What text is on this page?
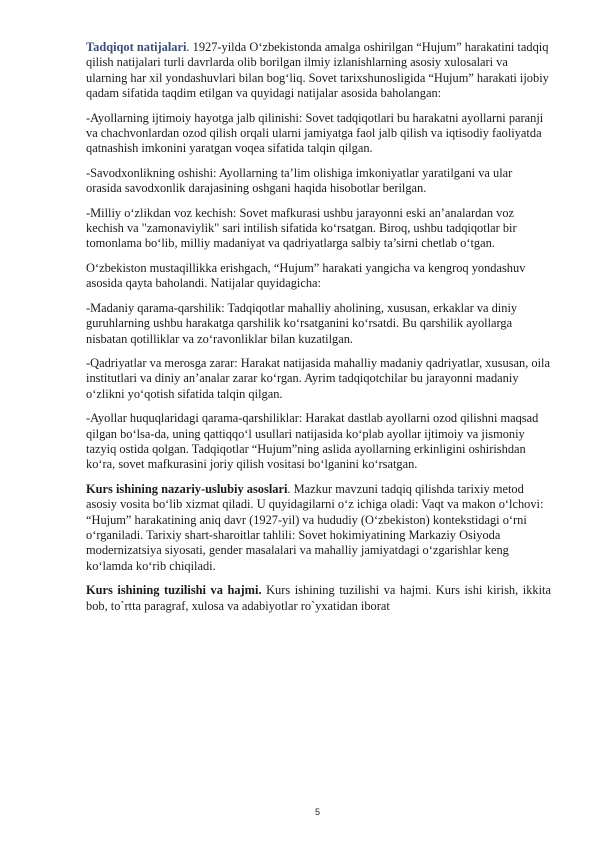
Tadqiqot natijalari. 1927-yilda O‘zbekistonda amalga oshirilgan “Hujum” harakatini tadqiq qilish natijalari turli davrlarda olib borilgan ilmiy izlanishlarning asosiy xulosalari va ularning har xil yondashuvlari bilan bog‘liq. Sovet tarixshunosligida “Hujum” harakati ijobiy qadam sifatida taqdim etilgan va quyidagi natijalar asosida baholangan:

-Ayollarning ijtimoiy hayotga jalb qilinishi: Sovet tadqiqotlari bu harakatni ayollarni paranji va chachvonlardan ozod qilish orqali ularni jamiyatga faol jalb qilish va iqtisodiy faoliyatda qatnashish imkonini yaratgan voqea sifatida talqin qilgan.

-Savodxonlikning oshishi: Ayollarning ta’lim olishiga imkoniyatlar yaratilgani va ular orasida savodxonlik darajasining oshgani haqida hisobotlar berilgan.

-Milliy o‘zlikdan voz kechish: Sovet mafkurasi ushbu jarayonni eski an’analardan voz kechish va "zamonaviylik" sari intilish sifatida ko‘rsatgan. Biroq, ushbu tadqiqotlar bir tomonlama bo‘lib, milliy madaniyat va qadriyatlarga salbiy ta’sirni chetlab o‘tgan.

O‘zbekiston mustaqillikka erishgach, “Hujum” harakati yangicha va kengroq yondashuv asosida qayta baholandi. Natijalar quyidagicha:

-Madaniy qarama-qarshilik: Tadqiqotlar mahalliy aholining, xususan, erkaklar va diniy guruhlarning ushbu harakatga qarshilik ko‘rsatganini ko‘rsatdi. Bu qarshilik ayollarga nisbatan qotilliklar va zo‘ravonliklar bilan kuzatilgan.

-Qadriyatlar va merosga zarar: Harakat natijasida mahalliy madaniy qadriyatlar, xususan, oila institutlari va diniy an’analar zarar ko‘rgan. Ayrim tadqiqotchilar bu jarayonni madaniy o‘zlikni yo‘qotish sifatida talqin qilgan.

-Ayollar huquqlaridagi qarama-qarshiliklar: Harakat dastlab ayollarni ozod qilishni maqsad qilgan bo‘lsa-da, uning qattiqqo‘l usullari natijasida ko‘plab ayollar ijtimoiy va jismoniy tazyiq ostida qolgan. Tadqiqotlar “Hujum”ning aslida ayollarning erkinligini oshirishdan ko‘ra, sovet mafkurasini joriy qilish vositasi bo‘lganini ko‘rsatgan.

Kurs ishining nazariy-uslubiy asoslari. Mazkur mavzuni tadqiq qilishda tarixiy metod asosiy vosita bo‘lib xizmat qiladi. U quyidagilarni o‘z ichiga oladi: Vaqt va makon o‘lchovi: “Hujum” harakatining aniq davr (1927-yil) va hududiy (O‘zbekiston) kontekstidagi o‘rni o‘rganiladi. Tarixiy shart-sharoitlar tahlili: Sovet hokimiyatining Markaziy Osiyoda modernizatsiya siyosati, gender masalalari va mahalliy jamiyatdagi o‘zgarishlar keng ko‘lamda ko‘rib chiqiladi.

Kurs ishining tuzilishi va hajmi. Kurs ishining tuzilishi va hajmi. Kurs ishi kirish, ikkita bob, to`rtta paragraf, xulosa va adabiyotlar ro`yxatidan iborat

5
